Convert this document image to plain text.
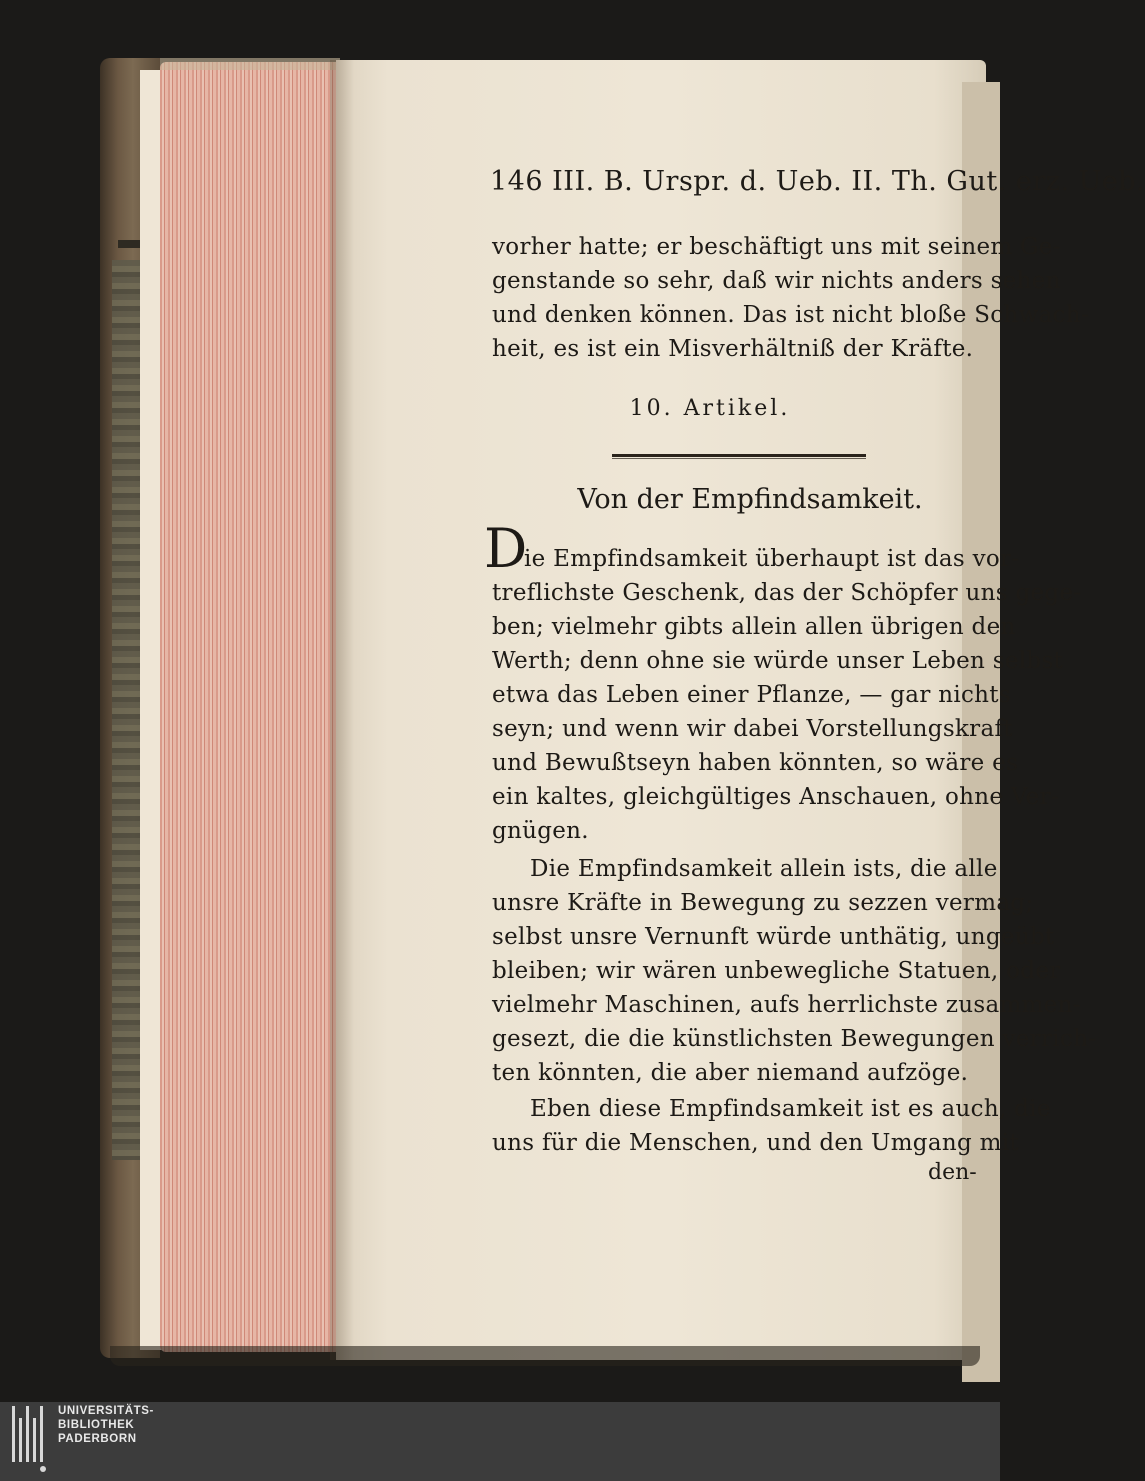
146 III. B. Urspr. d. Ueb. II. Th. Gut. erz. Ueb.
vorher hatte; er beschäftigt uns mit seinem Ge-
genstande so sehr, daß wir nichts anders sehen
und denken können. Das ist nicht bloße Schwach-
heit, es ist ein Misverhältniß der Kräfte.
10. Artikel.
Von der Empfindsamkeit.
D
ie Empfindsamkeit überhaupt ist das vor-
treflichste Geschenk, das der Schöpfer uns gege-
ben; vielmehr gibts allein allen übrigen den
Werth; denn ohne sie würde unser Leben selbst
etwa das Leben einer Pflanze, — gar nichts
seyn; und wenn wir dabei Vorstellungskraft
und Bewußtseyn haben könnten, so wäre es
ein kaltes, gleichgültiges Anschauen, ohne Ver-
gnügen.
Die Empfindsamkeit allein ists, die alle
unsre Kräfte in Bewegung zu sezzen vermag;
selbst unsre Vernunft würde unthätig, ungeübt
bleiben; wir wären unbewegliche Statuen, oder
vielmehr Maschinen, aufs herrlichste zusammen-
gesezt, die die künstlichsten Bewegungen verrich-
ten könnten, die aber niemand aufzöge.
Eben diese Empfindsamkeit ist es auch, die
uns für die Menschen, und den Umgang mit
den-
UNIVERSITÄTS-
BIBLIOTHEK
PADERBORN
